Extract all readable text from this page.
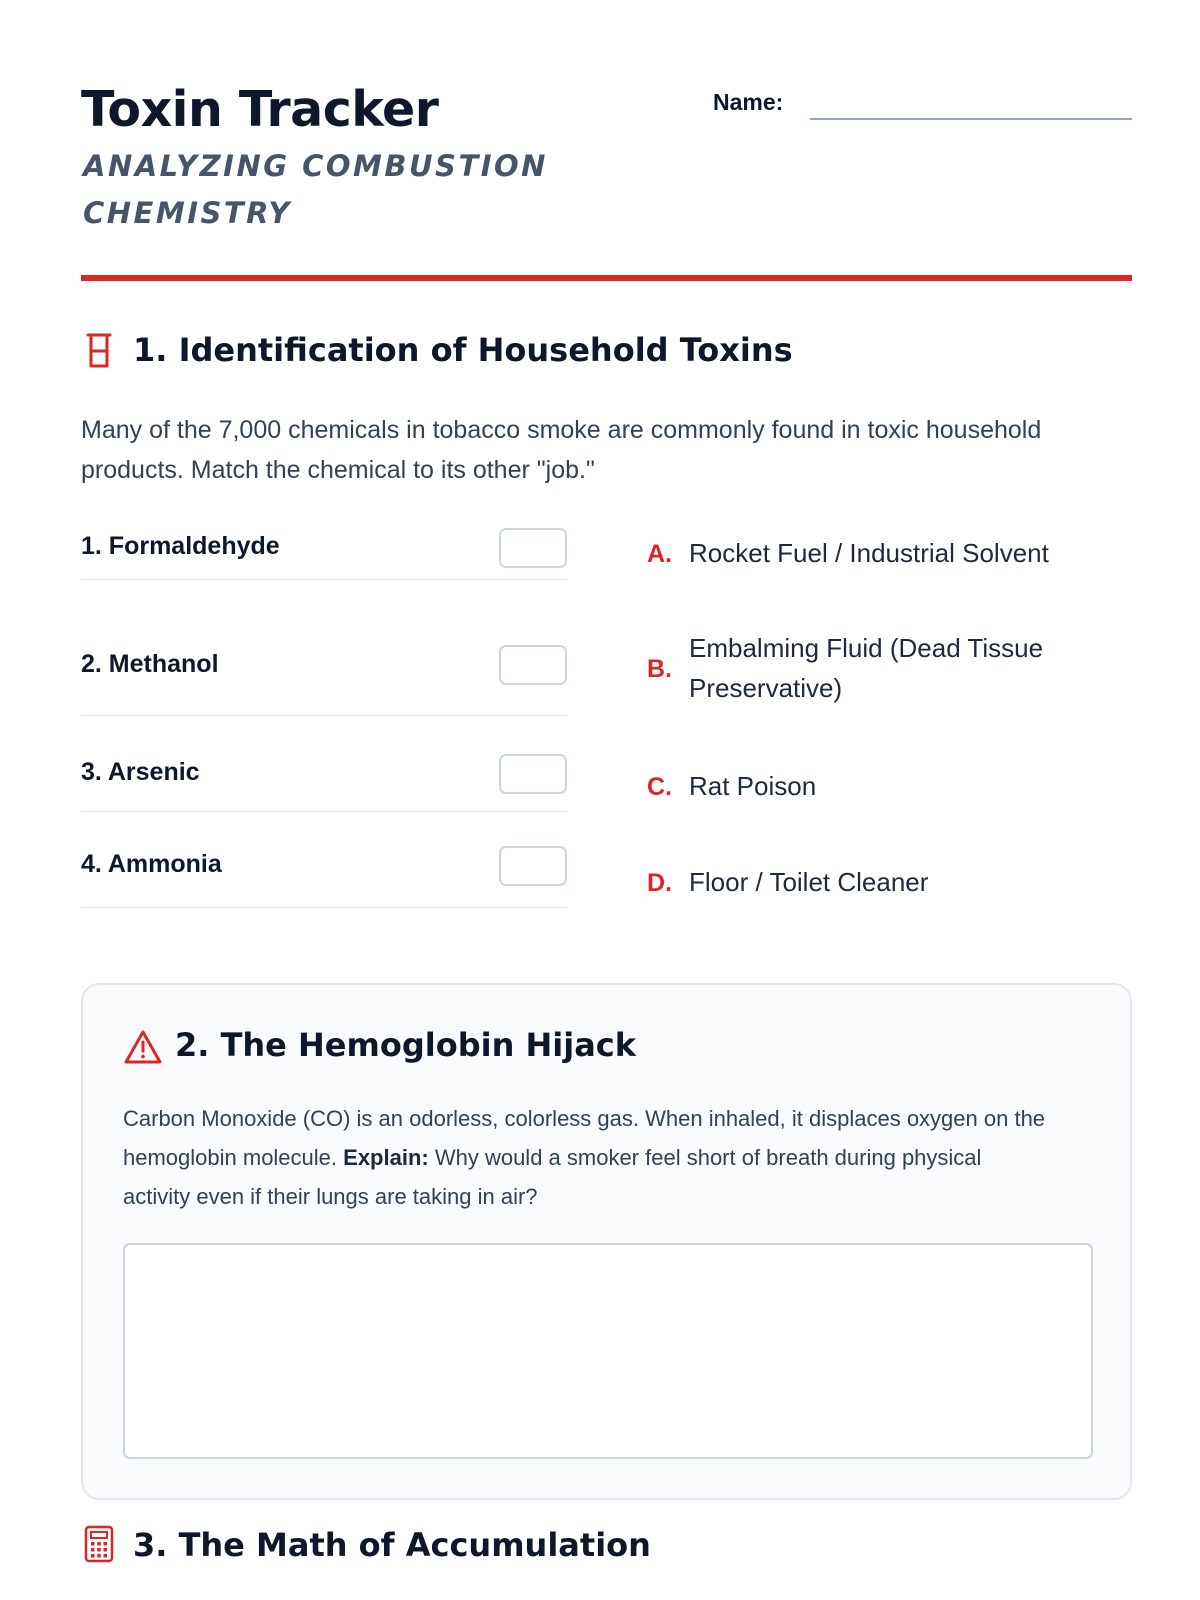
Toxin Tracker
ANALYZING COMBUSTION CHEMISTRY
Name:
1. Identification of Household Toxins
Many of the 7,000 chemicals in tobacco smoke are commonly found in toxic household products. Match the chemical to its other "job."
1. Formaldehyde
2. Methanol
3. Arsenic
4. Ammonia
A. Rocket Fuel / Industrial Solvent
B.
Embalming Fluid (Dead Tissue Preservative)
C. Rat Poison
D. Floor / Toilet Cleaner
2. The Hemoglobin Hijack
Carbon Monoxide (CO) is an odorless, colorless gas. When inhaled, it displaces oxygen on the hemoglobin molecule. Explain: Why would a smoker feel short of breath during physical activity even if their lungs are taking in air?
3. The Math of Accumulation
